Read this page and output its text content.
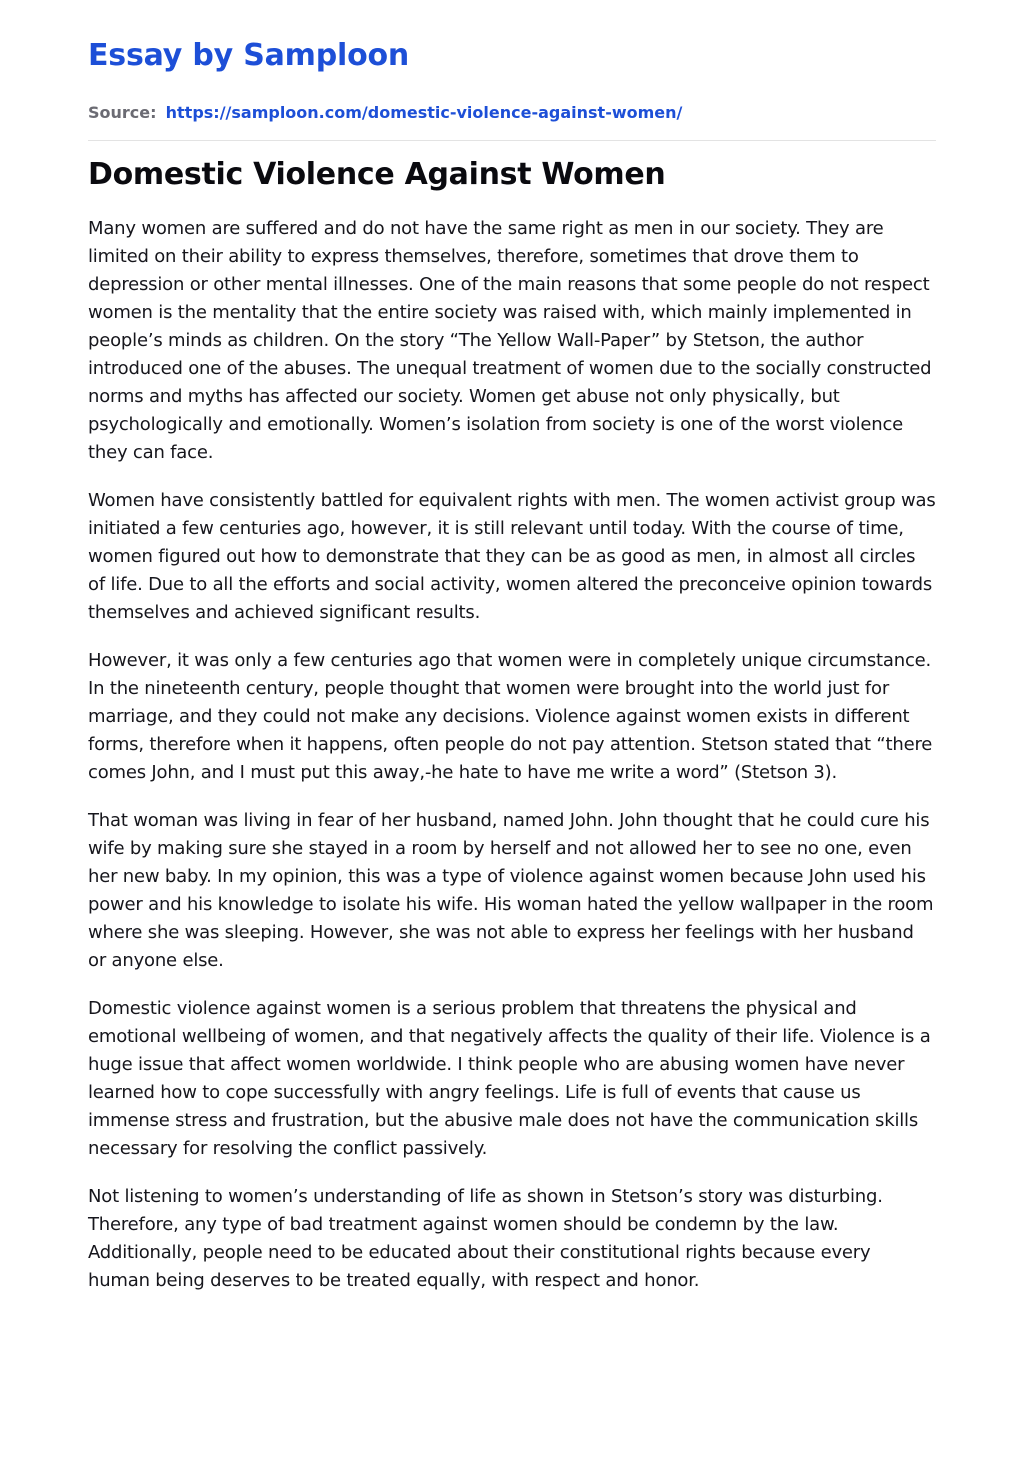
Essay by Samploon
Source: https://samploon.com/domestic-violence-against-women/
Domestic Violence Against Women

Many women are suffered and do not have the same right as men in our society. They are limited on their ability to express themselves, therefore, sometimes that drove them to depression or other mental illnesses. One of the main reasons that some people do not respect women is the mentality that the entire society was raised with, which mainly implemented in people’s minds as children. On the story “The Yellow Wall-Paper” by Stetson, the author introduced one of the abuses. The unequal treatment of women due to the socially constructed norms and myths has affected our society. Women get abuse not only physically, but psychologically and emotionally. Women’s isolation from society is one of the worst violence they can face.

Women have consistently battled for equivalent rights with men. The women activist group was initiated a few centuries ago, however, it is still relevant until today. With the course of time, women figured out how to demonstrate that they can be as good as men, in almost all circles of life. Due to all the efforts and social activity, women altered the preconceive opinion towards themselves and achieved significant results.

However, it was only a few centuries ago that women were in completely unique circumstance. In the nineteenth century, people thought that women were brought into the world just for marriage, and they could not make any decisions. Violence against women exists in different forms, therefore when it happens, often people do not pay attention. Stetson stated that “there comes John, and I must put this away,-he hate to have me write a word” (Stetson 3).

That woman was living in fear of her husband, named John. John thought that he could cure his wife by making sure she stayed in a room by herself and not allowed her to see no one, even her new baby. In my opinion, this was a type of violence against women because John used his power and his knowledge to isolate his wife. His woman hated the yellow wallpaper in the room where she was sleeping. However, she was not able to express her feelings with her husband or anyone else.

Domestic violence against women is a serious problem that threatens the physical and emotional wellbeing of women, and that negatively affects the quality of their life. Violence is a huge issue that affect women worldwide. I think people who are abusing women have never learned how to cope successfully with angry feelings. Life is full of events that cause us immense stress and frustration, but the abusive male does not have the communication skills necessary for resolving the conflict passively.

Not listening to women’s understanding of life as shown in Stetson’s story was disturbing. Therefore, any type of bad treatment against women should be condemn by the law. Additionally, people need to be educated about their constitutional rights because every human being deserves to be treated equally, with respect and honor.
